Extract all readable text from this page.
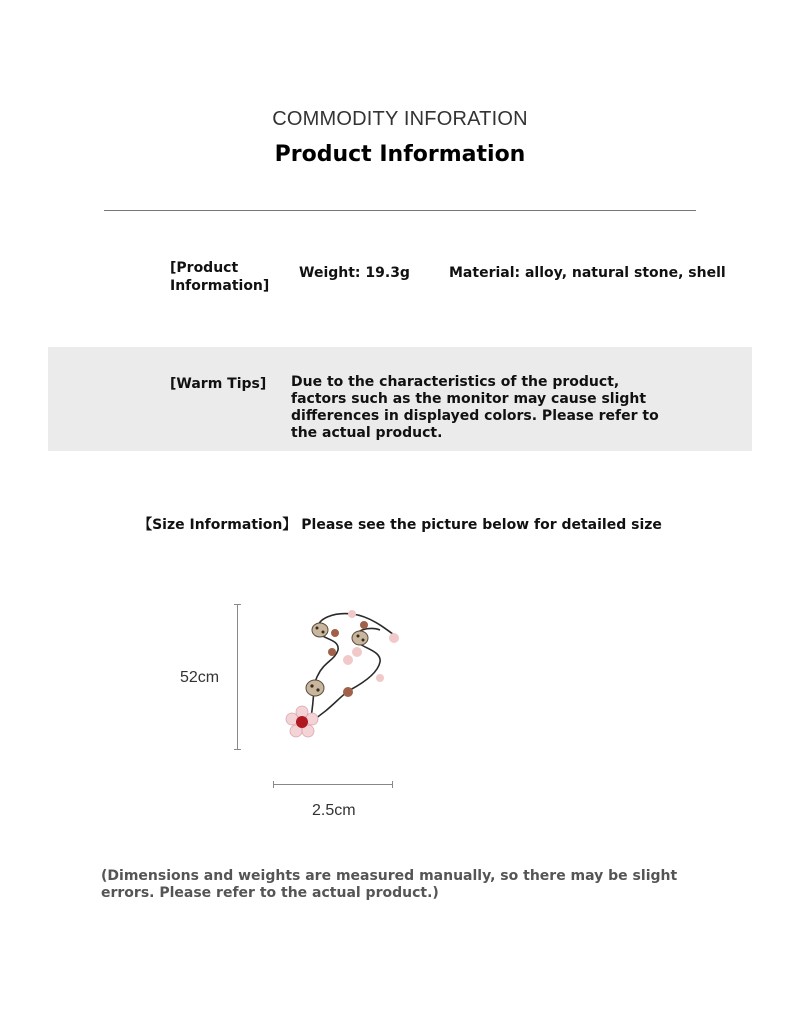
COMMODITY INFORATION
Product Information
[Product Information]
Weight: 19.3g	Material: alloy, natural stone, shell
[Warm Tips] Due to the characteristics of the product, factors such as the monitor may cause slight differences in displayed colors. Please refer to the actual product.
【Size Information】 Please see the picture below for detailed size
52cm
2.5cm
(Dimensions and weights are measured manually, so there may be slight errors. Please refer to the actual product.)
